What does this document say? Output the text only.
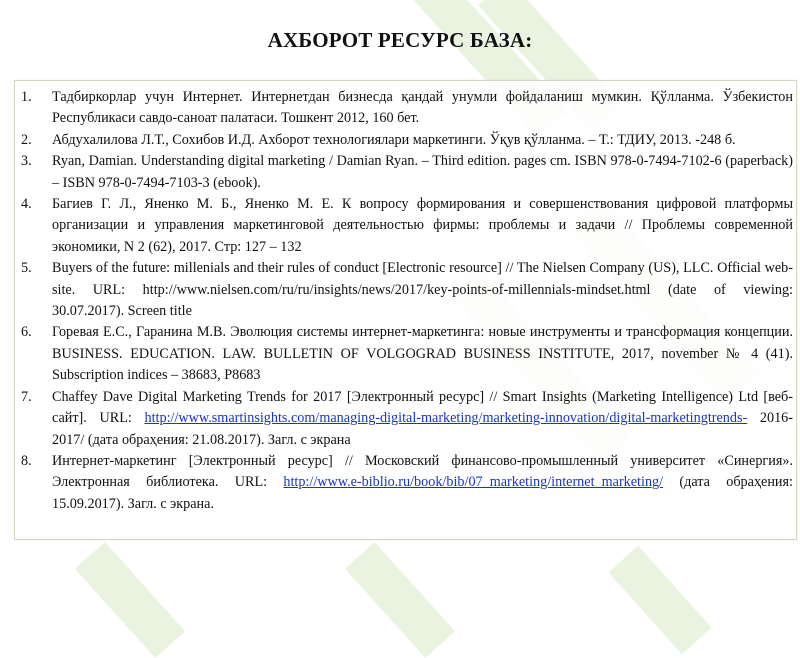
АХБОРОТ РЕСУРС БАЗА:
1. Тадбиркорлар учун Интернет. Интернетдан бизнесда қандай унумли фойдаланиш мумкин. Қўлланма. Ўзбекистон Республикаси савдо-саноат палатаси. Тошкент 2012, 160 бет.
2. Абдухалилова Л.Т., Сохибов И.Д. Ахборот технологиялари маркетинги. Ўқув қўлланма. – Т.: ТДИУ, 2013. -248 б.
3. Ryan, Damian. Understanding digital marketing / Damian Ryan. – Third edition. pages cm. ISBN 978-0-7494-7102-6 (paperback) – ISBN 978-0-7494-7103-3 (ebook).
4. Багиев Г. Л., Яненко М. Б., Яненко М. Е. К вопросу формирования и совершенствования цифровой платформы организации и управления маркетинговой деятельностью фирмы: проблемы и задачи // Проблемы современной экономики, N 2 (62), 2017. Стр: 127 – 132
5. Buyers of the future: millenials and their rules of conduct [Electronic resource] // The Nielsen Company (US), LLC. Official web-site. URL: http://www.nielsen.com/ru/ru/insights/news/2017/key-points-of-millennials-mindset.html (date of viewing: 30.07.2017). Screen title
6. Горевая Е.С., Гаранина М.В. Эволюция системы интернет-маркетинга: новые инструменты и трансформация концепции. BUSINESS. EDUCATION. LAW. BULLETIN OF VOLGOGRAD BUSINESS INSTITUTE, 2017, november № 4 (41). Subscription indices – 38683, P8683
7. Chaffey Dave Digital Marketing Trends for 2017 [Электронный ресурс] // Smart Insights (Marketing Intelligence) Ltd [веб-сайт]. URL: http://www.smartinsights.com/managing-digital-marketing/marketing-innovation/digital-marketingtrends- 2016-2017/ (дата обраҳения: 21.08.2017). Загл. с экрана
8. Интернет-маркетинг [Электронный ресурс] // Московский финансово-промышленный университет «Синергия». Электронная библиотека. URL: http://www.e-biblio.ru/book/bib/07_marketing/internet_marketing/ (дата обраҳения: 15.09.2017). Загл. с экрана.
